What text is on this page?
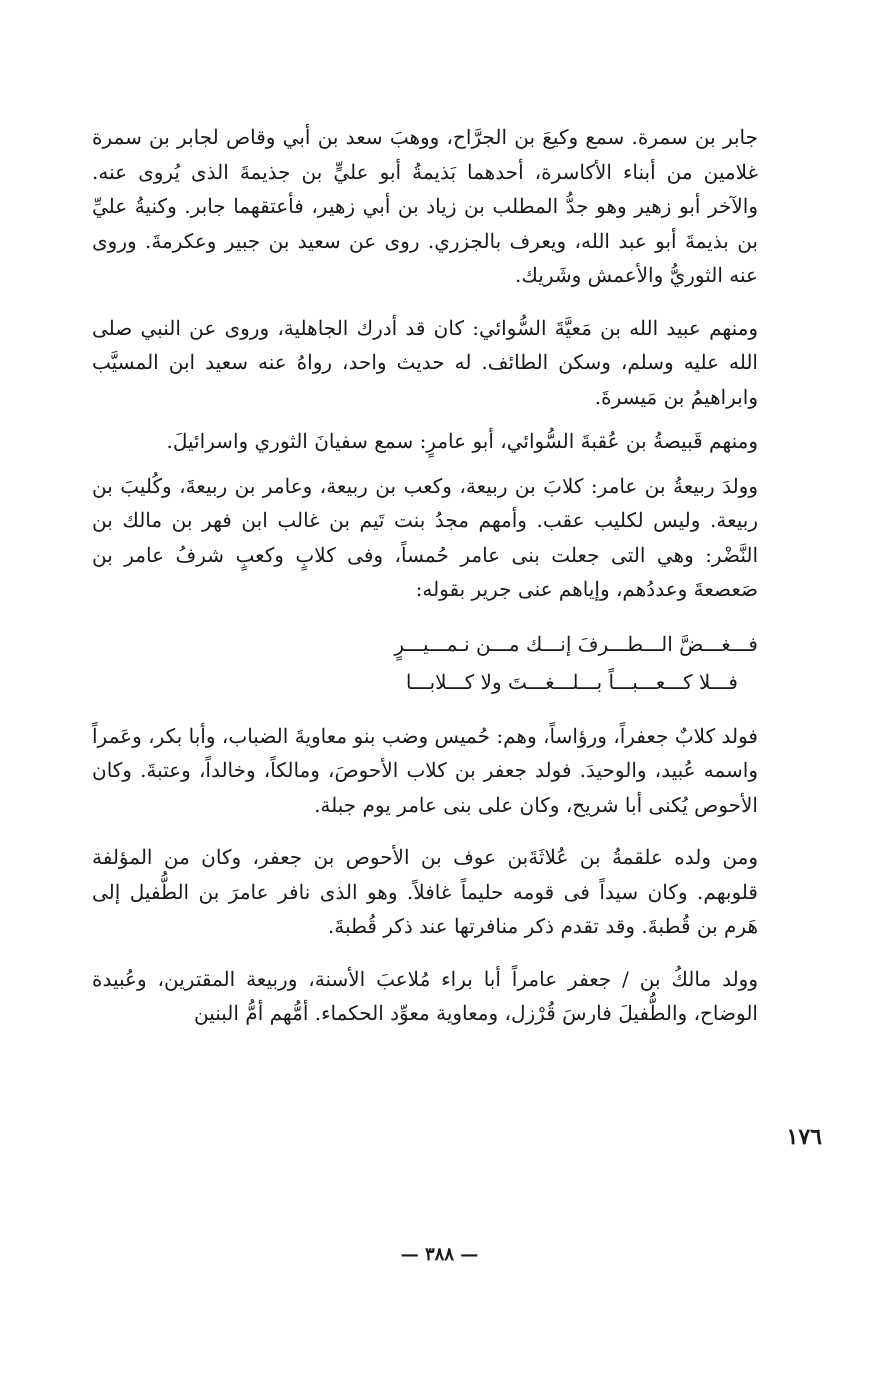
جابر بن سمرة. سمع وكيعَ بن الجرَّاح، ووهبَ سعد بن أبي وقاص لجابر بن سمرة غلامين من أبناء الأكاسرة، أحدهما بَذيمةُ أبو عليٍّ بن جذيمةَ الذى يُروى عنه. والآخر أبو زهير وهو جدُّ المطلب بن زياد بن أبي زهير، فأعتقهما جابر. وكنيةُ عليِّ بن بذيمةَ أبو عبد الله، ويعرف بالجزري. روى عن سعيد بن جبير وعكرمةَ. وروى عنه الثوريُّ والأعمش وشَريك.

ومنهم عبيد الله بن مَعيَّةَ السُّوائي: كان قد أدرك الجاهلية، وروى عن النبي صلى الله عليه وسلم، وسكن الطائف. له حديث واحد، رواهُ عنه سعيد ابن المسيَّب وابراهيمُ بن مَيسرةَ.

ومنهم قَبيصةُ بن عُقبةَ السُّوائي، أبو عامرٍ: سمع سفيانَ الثوري واسرائيلَ.

وولدَ ربيعةُ بن عامر: كلابَ بن ربيعة، وكعب بن ربيعة، وعامر بن ربيعةَ، وكُليبَ بن ربيعة. وليس لكليب عقب. وأمهم مجدُ بنت تَيم بن غالب ابن فهر بن مالك بن النَّضْر: وهي التى جعلت بنى عامر حُمساً، وفى كلابٍ وكعبٍ شرفُ عامر بن صَعصعةَ وعددُهم، وإياهم عنى جرير بقوله:

فـــغـــضَّ الـــطـــرفَ إنـــك مـــن نـمـــيـــرٍ
فـــلا كـــعـــبـــاً بـــلـــغـــتَ ولا كـــلابـــا

فولد كلابٌ جعفراً، ورؤاساً، وهم: حُميس وضب بنو معاويةَ الضباب، وأبا بكر، وعَمراً واسمه عُبيد، والوحيدَ. فولد جعفر بن كلاب الأحوصَ، ومالكاً، وخالداً، وعتبةَ. وكان الأحوص يُكنى أبا شريح، وكان على بنى عامر يوم جبلة.

ومن ولده علقمةُ بن عُلاثَةَبن عوف بن الأحوص بن جعفر، وكان من المؤلفة قلوبهم. وكان سيداً فى قومه حليماً غافلاً. وهو الذى نافر عامرَ بن الطُّفيل إلى هَرم بن قُطبةَ. وقد تقدم ذكر منافرتها عند ذكر قُطبةَ.

وولد مالكُ بن / جعفر عامراً أبا براء مُلاعبَ الأسنة، وربيعة المقترين، وعُبيدة الوضاح، والطُّفيلَ فارسَ قُرْزل، ومعاوية معوِّد الحكماء. أمُّهم أمُّ البنين

١٧٦
— ٣٨٨ —
